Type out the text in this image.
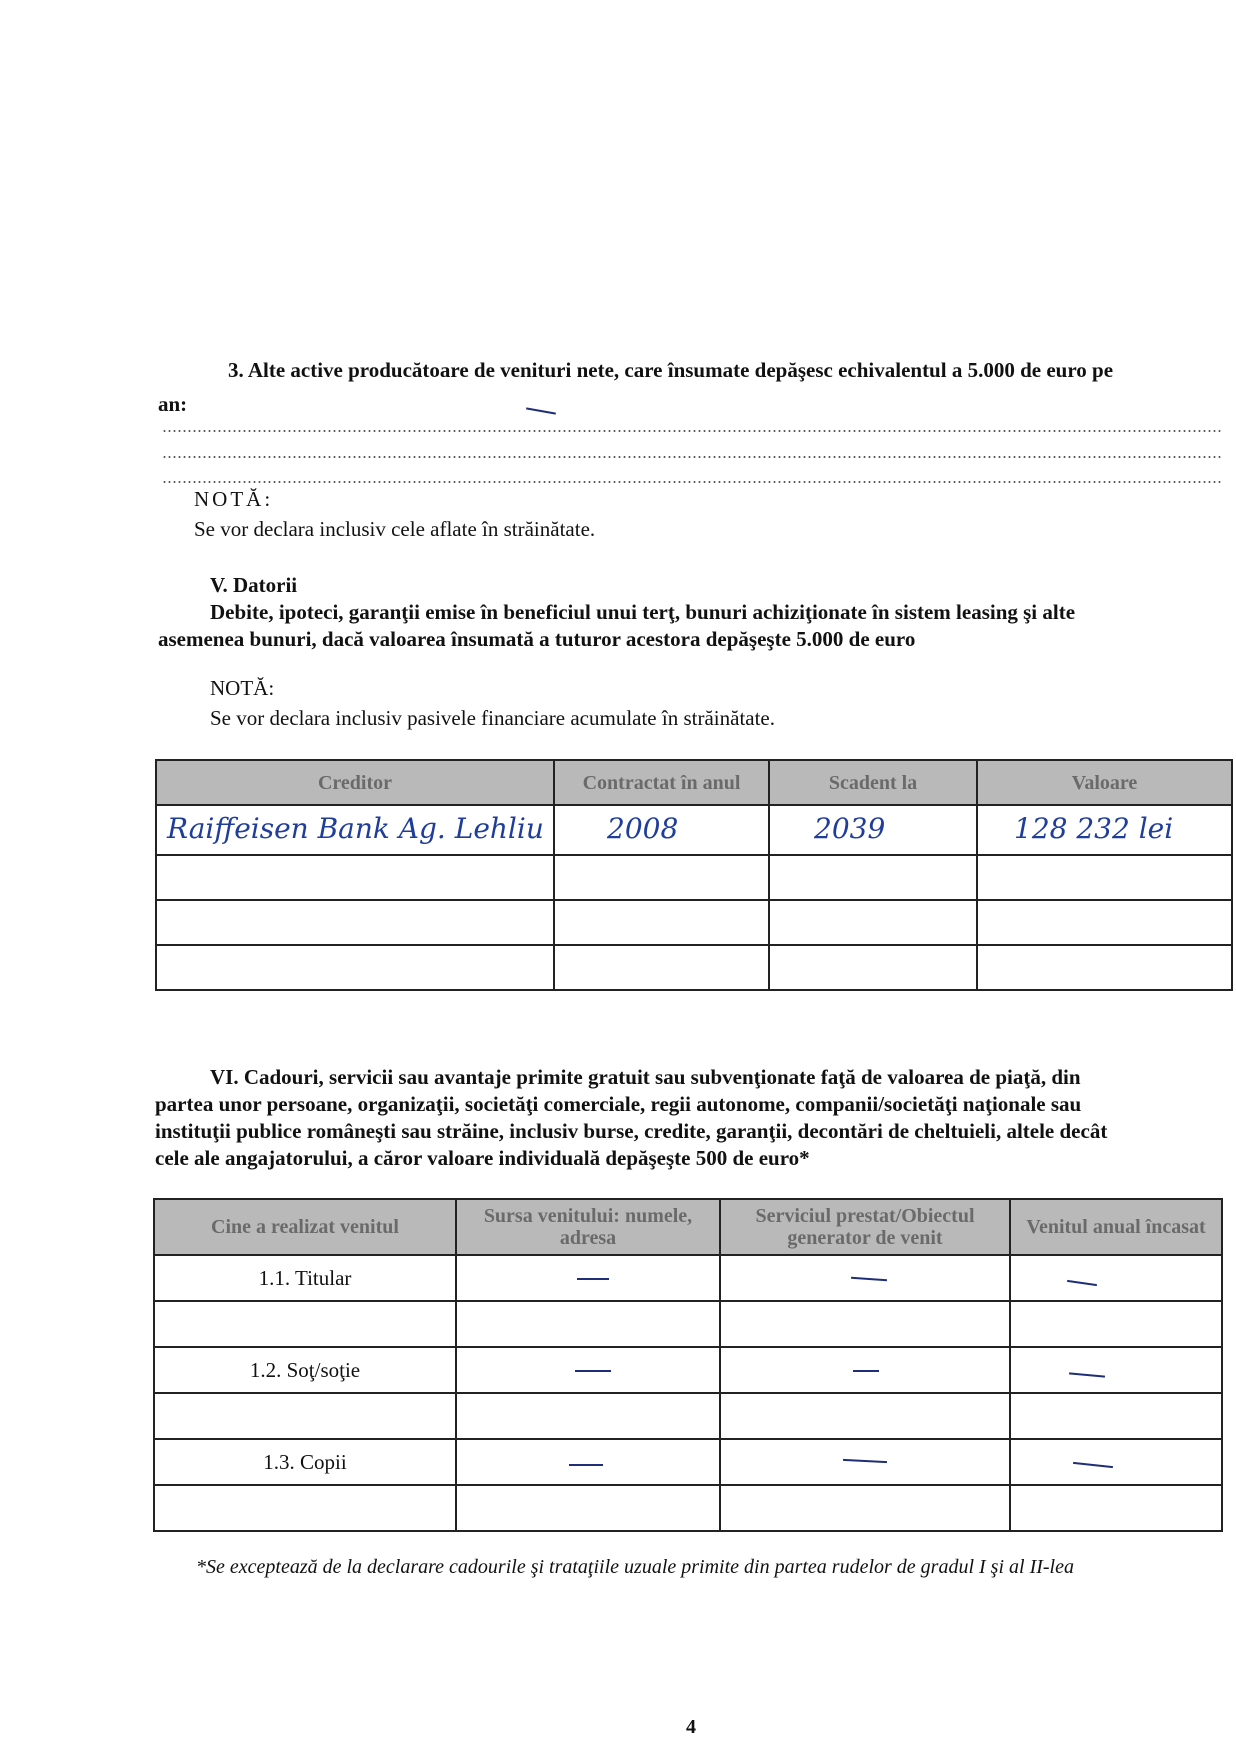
3. Alte active producătoare de venituri nete, care însumate depăşesc echivalentul a 5.000 de euro pe
an:
NOTĂ:
Se vor declara inclusiv cele aflate în străinătate.
V. Datorii
Debite, ipoteci, garanţii emise în beneficiul unui terţ, bunuri achiziţionate în sistem leasing şi alte
asemenea bunuri, dacă valoarea însumată a tuturor acestora depăşeşte 5.000 de euro
NOTĂ:
Se vor declara inclusiv pasivele financiare acumulate în străinătate.
Creditor	Contractat în anul	Scadent la	Valoare

Raiffeisen Bank Ag. Lehliu	2008	2039	128 232 lei

VI. Cadouri, servicii sau avantaje primite gratuit sau subvenţionate faţă de valoarea de piaţă, din
partea unor persoane, organizaţii, societăţi comerciale, regii autonome, companii/societăţi naţionale sau
instituţii publice româneşti sau străine, inclusiv burse, credite, garanţii, decontări de cheltuieli, altele decât
cele ale angajatorului, a căror valoare individuală depăşeşte 500 de euro*
Cine a realizat venitul	Sursa venitului: numele, adresa	Serviciul prestat/Obiectul generator de venit	Venitul anual încasat
1.1. Titular	

1.2. Soţ/soţie	

1.3. Copii	

*Se exceptează de la declarare cadourile şi trataţiile uzuale primite din partea rudelor de gradul I şi al II-lea
4
